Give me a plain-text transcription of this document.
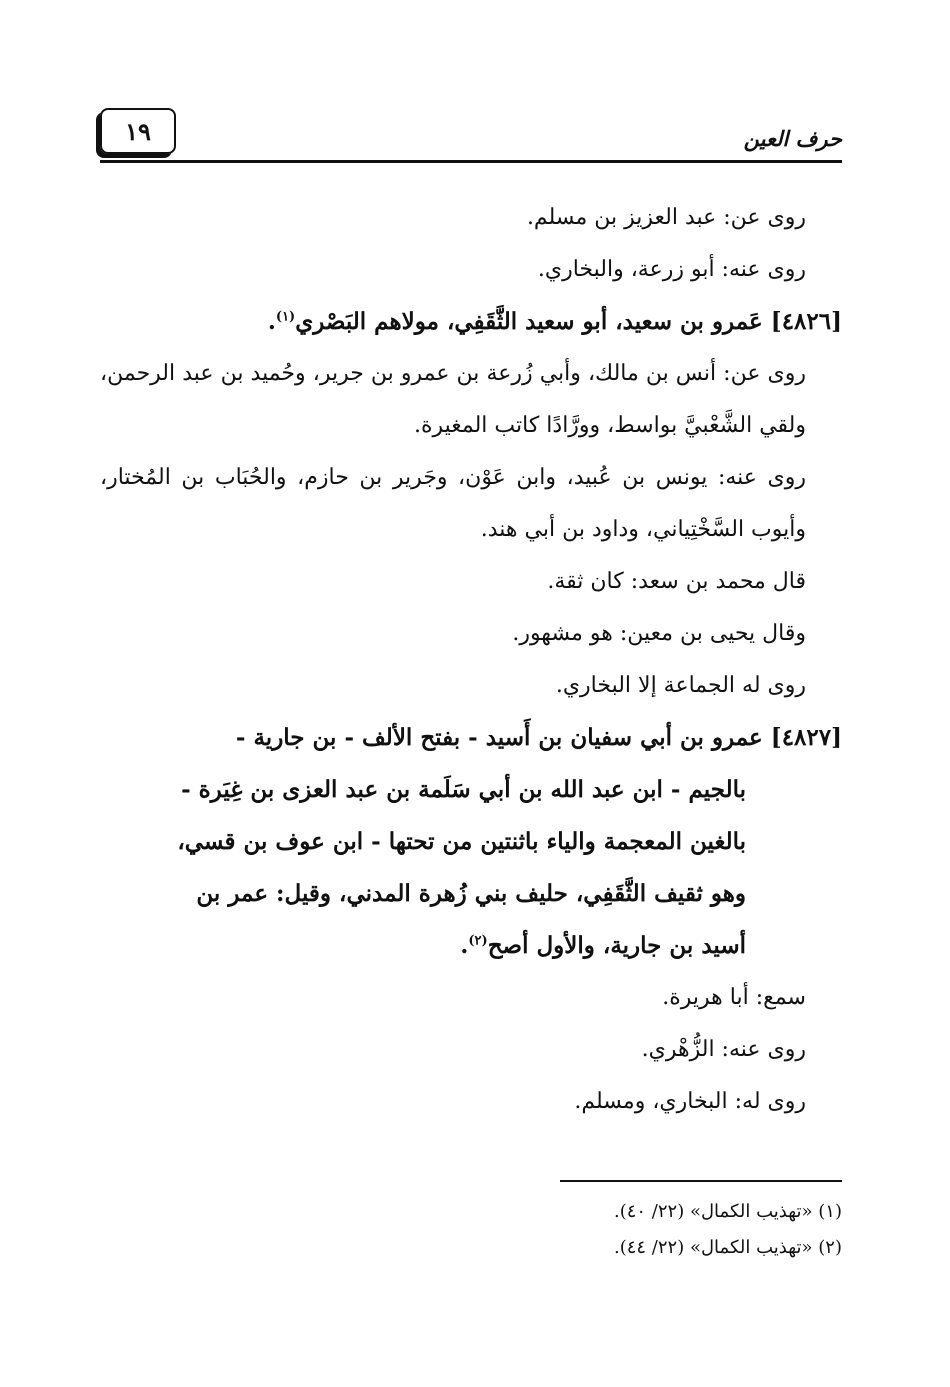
١٩	حرف العين

روى عن: عبد العزيز بن مسلم.

روى عنه: أبو زرعة، والبخاري.

[٤٨٢٦] عَمرو بن سعيد، أبو سعيد الثَّقَفِي، مولاهم البَصْري$^{(١)}$.

روى عن: أنس بن مالك، وأبي زُرعة بن عمرو بن جرير، وحُميد بن عبد الرحمن، ولقي الشَّعْبيَّ بواسط، وورَّادًا كاتب المغيرة.

روى عنه: يونس بن عُبيد، وابن عَوْن، وجَرير بن حازم، والحُبَاب بن المُختار، وأيوب السَّخْتِياني، وداود بن أبي هند.

قال محمد بن سعد: كان ثقة.

وقال يحيى بن معين: هو مشهور.

روى له الجماعة إلا البخاري.

[٤٨٢٧] عمرو بن أبي سفيان بن أَسيد - بفتح الألف - بن جارية -

بالجيم - ابن عبد الله بن أبي سَلَمة بن عبد العزى بن غِيَرة -

بالغين المعجمة والياء باثنتين من تحتها - ابن عوف بن قسي،

وهو ثقيف الثَّقَفِي، حليف بني زُهرة المدني، وقيل: عمر بن

أسيد بن جارية، والأول أصح$^{(٢)}$.

سمع: أبا هريرة.

روى عنه: الزُّهْري.

روى له: البخاري، ومسلم.

(١) «تهذيب الكمال» (٢٢/ ٤٠).
(٢) «تهذيب الكمال» (٢٢/ ٤٤).
